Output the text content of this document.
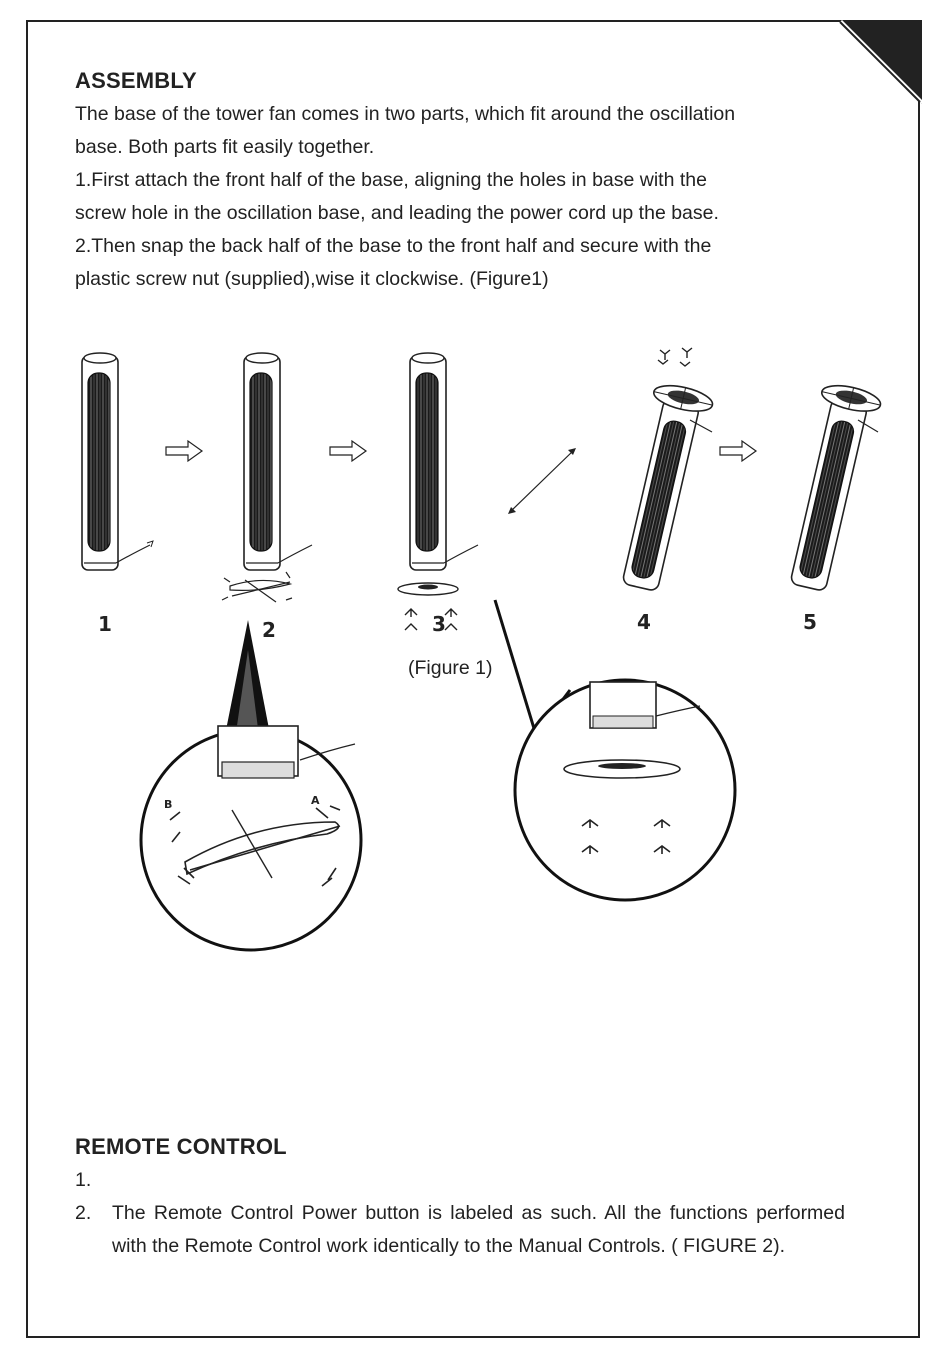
ASSEMBLY

The base of the tower fan comes in two parts, which fit around the oscillation

base. Both parts fit easily together.

1.First attach the front half of the base, aligning the holes in base with the

screw hole in the oscillation base, and leading the power cord up the base.

2.Then snap the back half of the base to the front half and secure with the

plastic screw nut (supplied),wise it clockwise. (Figure1)

1	2	3	4	5
B	A
(Figure 1)
REMOTE CONTROL
1.
2.	The Remote Control Power button is labeled as such. All the functions performed with the Remote Control work identically to the Manual Controls. ( FIGURE 2).
